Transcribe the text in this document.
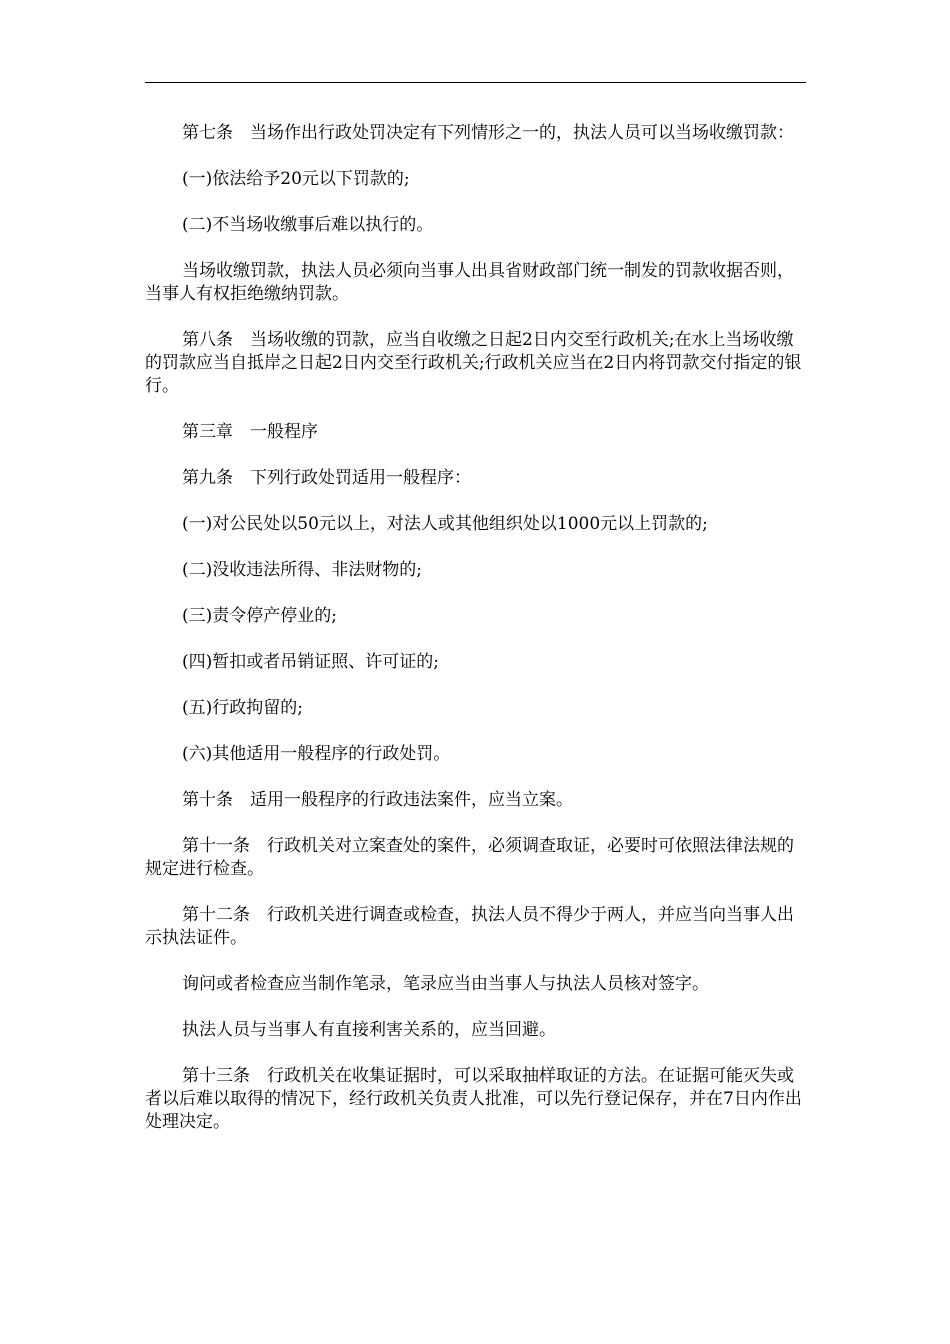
第七条　当场作出行政处罚决定有下列情形之一的，执法人员可以当场收缴罚款：

(一)依法给予20元以下罚款的;

(二)不当场收缴事后难以执行的。

当场收缴罚款，执法人员必须向当事人出具省财政部门统一制发的罚款收据否则，当事人有权拒绝缴纳罚款。

第八条　当场收缴的罚款，应当自收缴之日起2日内交至行政机关;在水上当场收缴的罚款应当自抵岸之日起2日内交至行政机关;行政机关应当在2日内将罚款交付指定的银行。

第三章　一般程序

第九条　下列行政处罚适用一般程序：

(一)对公民处以50元以上，对法人或其他组织处以1000元以上罚款的;

(二)没收违法所得、非法财物的;

(三)责令停产停业的;

(四)暂扣或者吊销证照、许可证的;

(五)行政拘留的;

(六)其他适用一般程序的行政处罚。

第十条　适用一般程序的行政违法案件，应当立案。

第十一条　行政机关对立案查处的案件，必须调查取证，必要时可依照法律法规的规定进行检查。

第十二条　行政机关进行调查或检查，执法人员不得少于两人，并应当向当事人出示执法证件。

询问或者检查应当制作笔录，笔录应当由当事人与执法人员核对签字。

执法人员与当事人有直接利害关系的，应当回避。

第十三条　行政机关在收集证据时，可以采取抽样取证的方法。在证据可能灭失或者以后难以取得的情况下，经行政机关负责人批准，可以先行登记保存，并在7日内作出处理决定。
